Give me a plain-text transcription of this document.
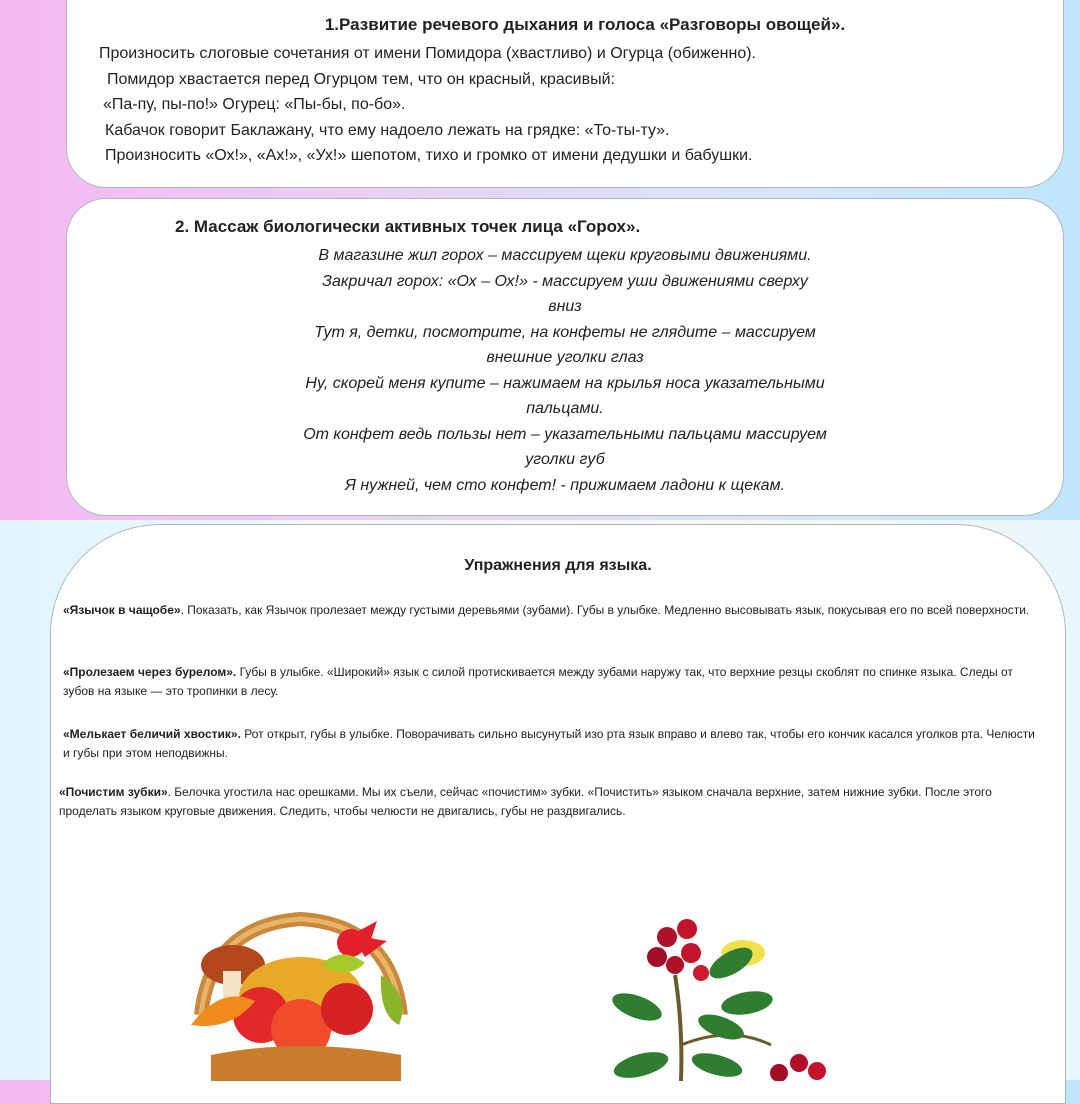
1.Развитие речевого дыхания и голоса «Разговоры овощей».
Произносить слоговые сочетания от имени Помидора (хвастливо) и Огурца (обиженно).
Помидор хвастается перед Огурцом тем, что он красный, красивый:
«Па-пу, пы-по!» Огурец: «Пы-бы, по-бо».
Кабачок говорит Баклажану, что ему надоело лежать на грядке: «То-ты-ту».
Произносить «Ох!», «Ах!», «Ух!» шепотом, тихо и громко от имени дедушки и бабушки.
2. Массаж биологически активных точек лица «Горох».
В магазине жил горох – массируем щеки круговыми движениями.
Закричал горох: «Ох – Ох!» - массируем уши движениями сверху
вниз
Тут я, детки, посмотрите, на конфеты не глядите – массируем
внешние уголки глаз
Ну, скорей меня купите – нажимаем на крылья носа указательными
пальцами.
От конфет ведь пользы нет – указательными пальцами массируем
уголки губ
Я нужней, чем сто конфет! - прижимаем ладони к щекам.
Упражнения для языка.
«Язычок в чащобе». Показать, как Язычок пролезает между густыми деревьями (зубами). Губы в улыбке. Медленно высовывать язык, покусывая его по всей поверхности.
«Пролезаем через бурелом». Губы в улыбке. «Широкий» язык с силой протискивается между зубами наружу так, что верхние резцы скоблят по спинке языка. Следы от зубов на языке — это тропинки в лесу.
«Мелькает беличий хвостик». Рот открыт, губы в улыбке. Поворачивать сильно высунутый изо рта язык вправо и влево так, чтобы его кончик касался уголков рта. Челюсти и губы при этом неподвижны.
«Почистим зубки». Белочка угостила нас орешками. Мы их съели, сейчас «почистим» зубки. «Почистить» языком сначала верхние, затем нижние зубки. После этого проделать языком круговые движения. Следить, чтобы челюсти не двигались, губы не раздвигались.
